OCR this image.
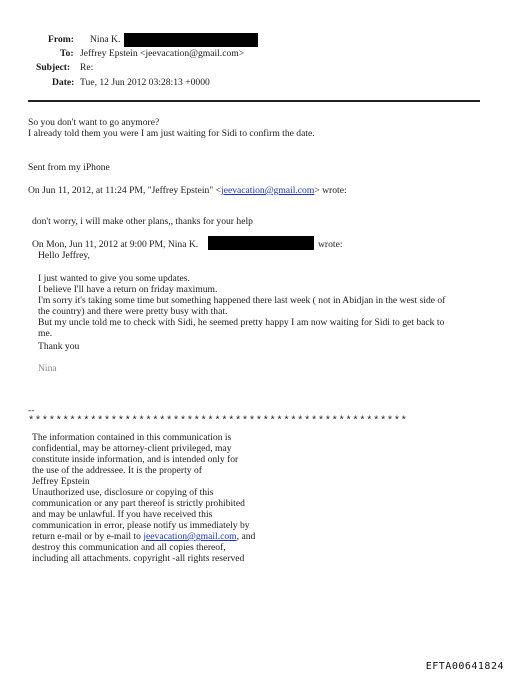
From: Nina K.
To: Jeffrey Epstein <jeevacation@gmail.com>
Subject: Re:
Date: Tue, 12 Jun 2012 03:28:13 +0000
So you don't want to go anymore?
I already told them you were I am just waiting for Sidi to confirm the date.
Sent from my iPhone
On Jun 11, 2012, at 11:24 PM, "Jeffrey Epstein" <jeevacation@gmail.com> wrote:
don't worry, i will make other plans,, thanks for your help
On Mon, Jun 11, 2012 at 9:00 PM, Nina K.	wrote:
Hello Jeffrey,
I just wanted to give you some updates.
I believe I'll have a return on friday maximum.
I'm sorry it's taking some time but something happened there last week ( not in Abidjan in the west side of
the country) and there were pretty busy with that.
But my uncle told me to check with Sidi, he seemed pretty happy I am now waiting for Sidi to get back to
me.
Thank you
Nina
--
*******************************************************
The information contained in this communication is
confidential, may be attorney-client privileged, may
constitute inside information, and is intended only for
the use of the addressee. It is the property of
Jeffrey Epstein
Unauthorized use, disclosure or copying of this
communication or any part thereof is strictly prohibited
and may be unlawful. If you have received this
communication in error, please notify us immediately by
return e-mail or by e-mail to jeevacation@gmail.com, and
destroy this communication and all copies thereof,
including all attachments. copyright -all rights reserved
EFTA00641824
